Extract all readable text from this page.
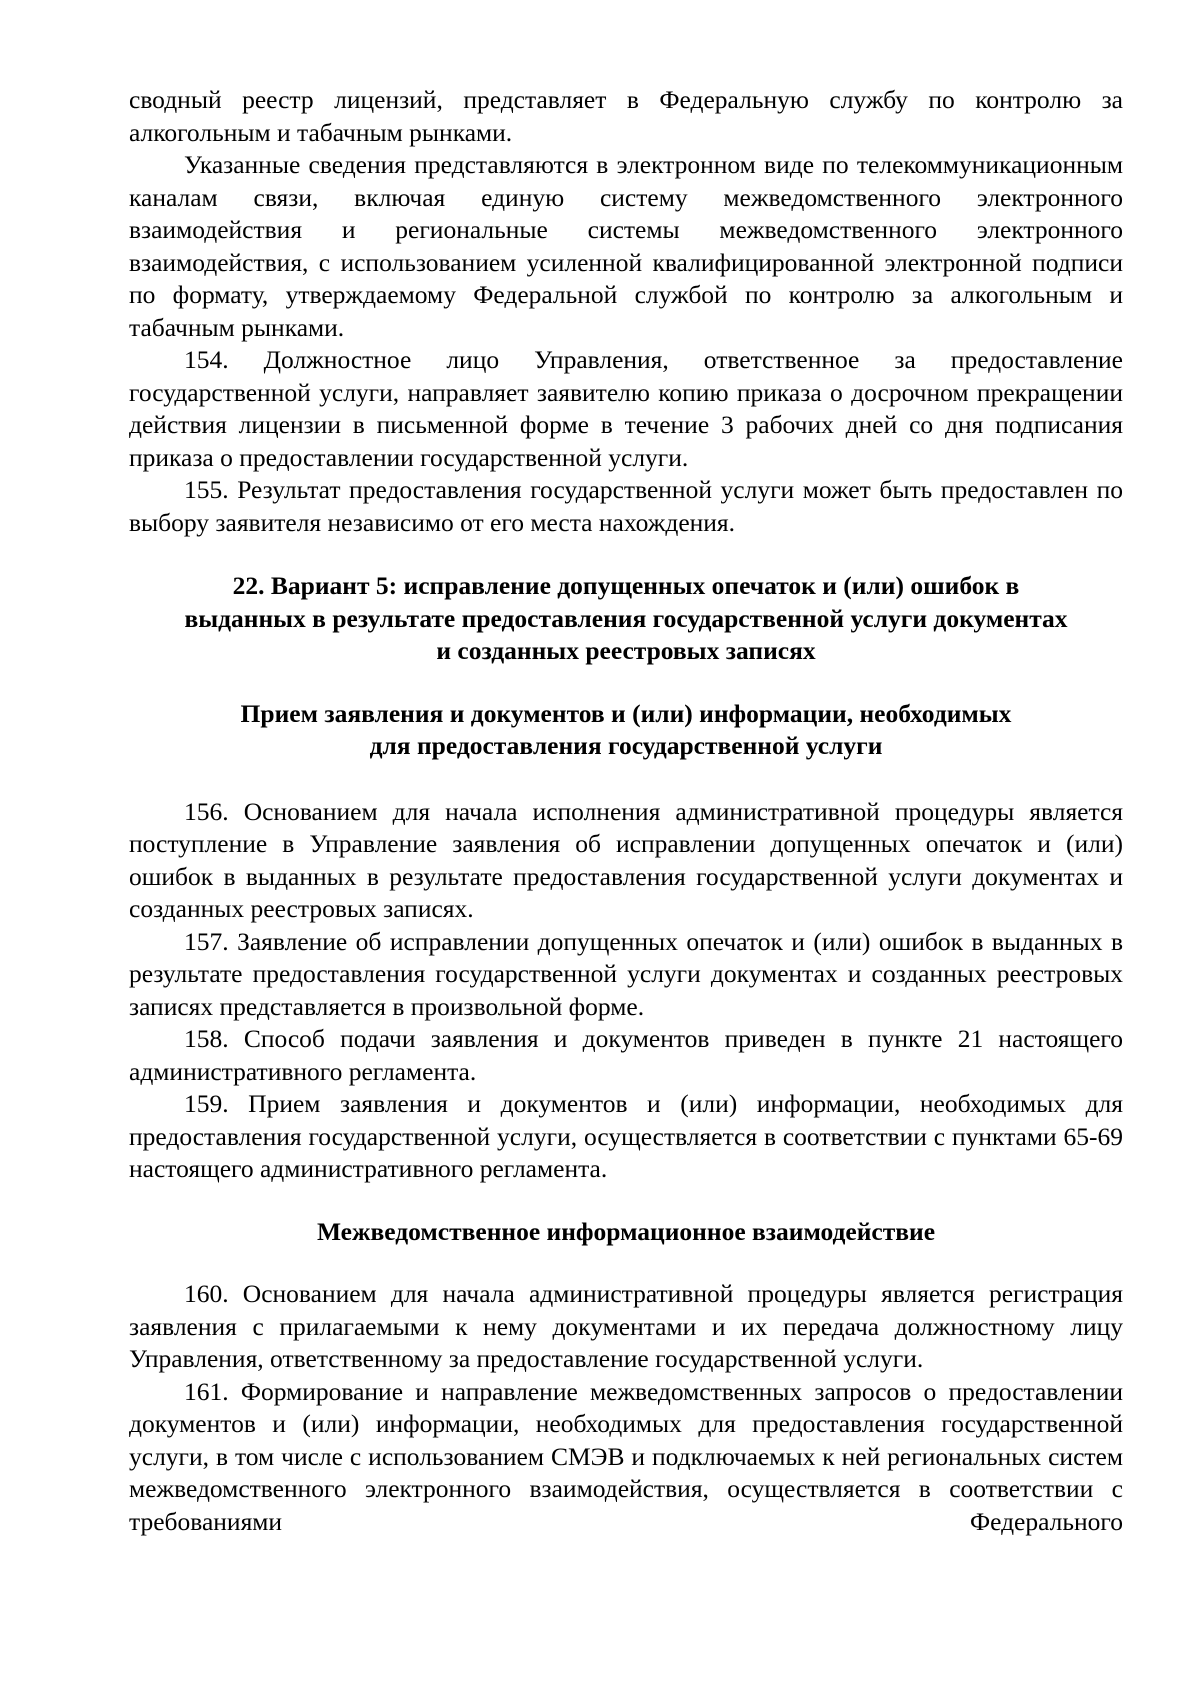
сводный реестр лицензий, представляет в Федеральную службу по контролю за алкогольным и табачным рынками.

Указанные сведения представляются в электронном виде по телекоммуникационным каналам связи, включая единую систему межведомственного электронного взаимодействия и региональные системы межведомственного электронного взаимодействия, с использованием усиленной квалифицированной электронной подписи по формату, утверждаемому Федеральной службой по контролю за алкогольным и табачным рынками.

154. Должностное лицо Управления, ответственное за предоставление государственной услуги, направляет заявителю копию приказа о досрочном прекращении действия лицензии в письменной форме в течение 3 рабочих дней со дня подписания приказа о предоставлении государственной услуги.

155. Результат предоставления государственной услуги может быть предоставлен по выбору заявителя независимо от его места нахождения.

22. Вариант 5: исправление допущенных опечаток и (или) ошибок в
выданных в результате предоставления государственной услуги документах
и созданных реестровых записях
Прием заявления и документов и (или) информации, необходимых
для предоставления государственной услуги

156. Основанием для начала исполнения административной процедуры является поступление в Управление заявления об исправлении допущенных опечаток и (или) ошибок в выданных в результате предоставления государственной услуги документах и созданных реестровых записях.

157. Заявление об исправлении допущенных опечаток и (или) ошибок в выданных в результате предоставления государственной услуги документах и созданных реестровых записях представляется в произвольной форме.

158. Способ подачи заявления и документов приведен в пункте 21 настоящего административного регламента.

159. Прием заявления и документов и (или) информации, необходимых для предоставления государственной услуги, осуществляется в соответствии с пунктами 65-69 настоящего административного регламента.

Межведомственное информационное взаимодействие

160. Основанием для начала административной процедуры является регистрация заявления с прилагаемыми к нему документами и их передача должностному лицу Управления, ответственному за предоставление государственной услуги.

161. Формирование и направление межведомственных запросов о предоставлении документов и (или) информации, необходимых для предоставления государственной услуги, в том числе с использованием СМЭВ и подключаемых к ней региональных систем межведомственного электронного взаимодействия, осуществляется в соответствии с требованиями Федерального
